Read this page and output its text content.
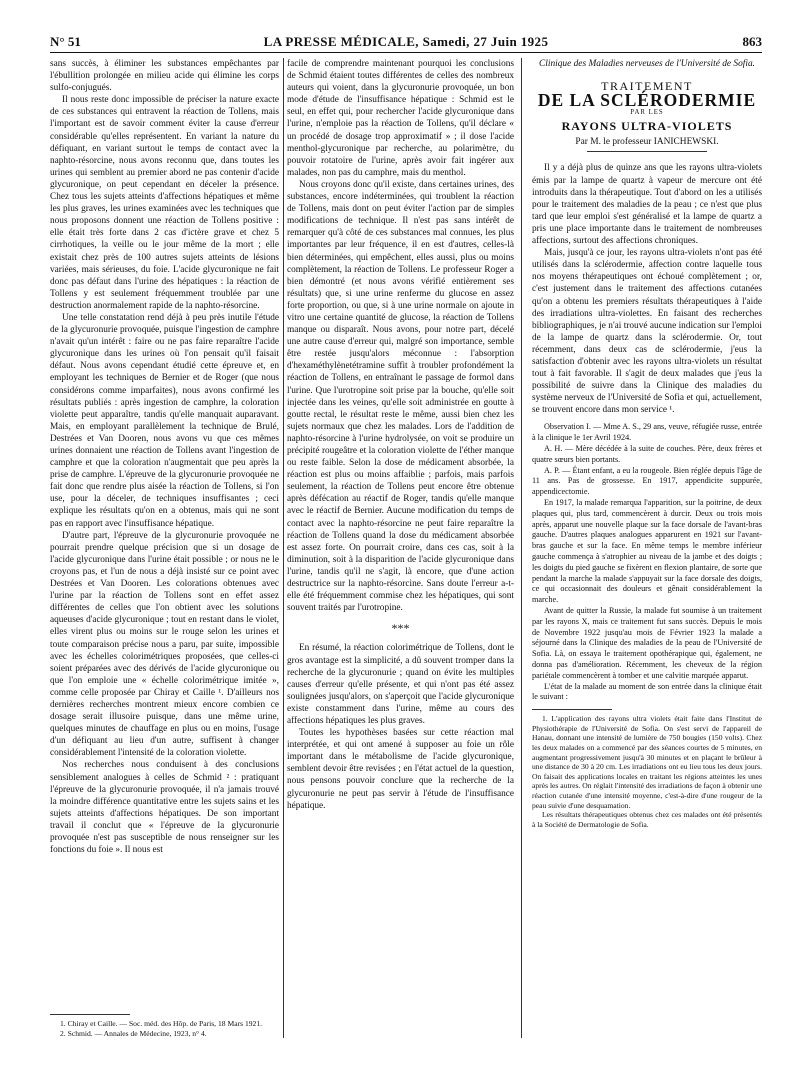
N° 51	LA PRESSE MÉDICALE, Samedi, 27 Juin 1925	863

sans succès, à éliminer les substances empêchantes par l'ébullition prolongée en milieu acide qui élimine les corps sulfo-conjugués.

Il nous reste donc impossible de préciser la nature exacte de ces substances qui entravent la réaction de Tollens, mais l'important est de savoir comment éviter la cause d'erreur considérable qu'elles représentent. En variant la nature du défiquant, en variant surtout le temps de contact avec la naphto-résorcine, nous avons reconnu que, dans toutes les urines qui semblent au premier abord ne pas contenir d'acide glycuronique, on peut cependant en déceler la présence. Chez tous les sujets atteints d'affections hépatiques et même les plus graves, les urines examinées avec les techniques que nous proposons donnent une réaction de Tollens positive : elle était très forte dans 2 cas d'ictère grave et chez 5 cirrhotiques, la veille ou le jour même de la mort ; elle existait chez près de 100 autres sujets atteints de lésions variées, mais sérieuses, du foie. L'acide glycuronique ne fait donc pas défaut dans l'urine des hépatiques : la réaction de Tollens y est seulement fréquemment troublée par une destruction anormalement rapide de la naphto-résorcine.

Une telle constatation rend déjà à peu près inutile l'étude de la glycuronurie provoquée, puisque l'ingestion de camphre n'avait qu'un intérêt : faire ou ne pas faire reparaître l'acide glycuronique dans les urines où l'on pensait qu'il faisait défaut. Nous avons cependant étudié cette épreuve et, en employant les techniques de Bernier et de Roger (que nous considérons comme imparfaites), nous avons confirmé les résultats publiés : après ingestion de camphre, la coloration violette peut apparaître, tandis qu'elle manquait auparavant. Mais, en employant parallèlement la technique de Brulé, Destrées et Van Dooren, nous avons vu que ces mêmes urines donnaient une réaction de Tollens avant l'ingestion de camphre et que la coloration n'augmentait que peu après la prise de camphre. L'épreuve de la glycuronurie provoquée ne fait donc que rendre plus aisée la réaction de Tollens, si l'on use, pour la déceler, de techniques insuffisantes ; ceci explique les résultats qu'on en a obtenus, mais qui ne sont pas en rapport avec l'insuffisance hépatique.

D'autre part, l'épreuve de la glycuronurie provoquée ne pourrait prendre quelque précision que si un dosage de l'acide glycuronique dans l'urine était possible ; or nous ne le croyons pas, et l'un de nous a déjà insisté sur ce point avec Destrées et Van Dooren. Les colorations obtenues avec l'urine par la réaction de Tollens sont en effet assez différentes de celles que l'on obtient avec les solutions aqueuses d'acide glycuronique ; tout en restant dans le violet, elles virent plus ou moins sur le rouge selon les urines et toute comparaison précise nous a paru, par suite, impossible avec les échelles colorimétriques proposées, que celles-ci soient préparées avec des dérivés de l'acide glycuronique ou que l'on emploie une « échelle colorimétrique imitée », comme celle proposée par Chiray et Caille ¹. D'ailleurs nos dernières recherches montrent mieux encore combien ce dosage serait illusoire puisque, dans une même urine, quelques minutes de chauffage en plus ou en moins, l'usage d'un défiquant au lieu d'un autre, suffisent à changer considérablement l'intensité de la coloration violette.

Nos recherches nous conduisent à des conclusions sensiblement analogues à celles de Schmid ² : pratiquant l'épreuve de la glycuronurie provoquée, il n'a jamais trouvé la moindre différence quantitative entre les sujets sains et les sujets atteints d'affections hépatiques. De son important travail il conclut que « l'épreuve de la glycuronurie provoquée n'est pas susceptible de nous renseigner sur les fonctions du foie ». Il nous est

1. Chiray et Caille. — Soc. méd. des Hôp. de Paris, 18 Mars 1921.

2. Schmid. — Annales de Médecine, 1923, n° 4.

facile de comprendre maintenant pourquoi les conclusions de Schmid étaient toutes différentes de celles des nombreux auteurs qui voient, dans la glycuronurie provoquée, un bon mode d'étude de l'insuffisance hépatique : Schmid est le seul, en effet qui, pour rechercher l'acide glycuronique dans l'urine, n'emploie pas la réaction de Tollens, qu'il déclare « un procédé de dosage trop approximatif » ; il dose l'acide menthol-glycuronique par recherche, au polarimètre, du pouvoir rotatoire de l'urine, après avoir fait ingérer aux malades, non pas du camphre, mais du menthol.

Nous croyons donc qu'il existe, dans certaines urines, des substances, encore indéterminées, qui troublent la réaction de Tollens, mais dont on peut éviter l'action par de simples modifications de technique. Il n'est pas sans intérêt de remarquer qu'à côté de ces substances mal connues, les plus importantes par leur fréquence, il en est d'autres, celles-là bien déterminées, qui empêchent, elles aussi, plus ou moins complètement, la réaction de Tollens. Le professeur Roger a bien démontré (et nous avons vérifié entièrement ses résultats) que, si une urine renferme du glucose en assez forte proportion, ou que, si à une urine normale on ajoute in vitro une certaine quantité de glucose, la réaction de Tollens manque ou disparaît. Nous avons, pour notre part, décelé une autre cause d'erreur qui, malgré son importance, semble être restée jusqu'alors méconnue : l'absorption d'hexaméthylènetétramine suffit à troubler profondément la réaction de Tollens, en entraînant le passage de formol dans l'urine. Que l'urotropine soit prise par la bouche, qu'elle soit injectée dans les veines, qu'elle soit administrée en goutte à goutte rectal, le résultat reste le même, aussi bien chez les sujets normaux que chez les malades. Lors de l'addition de naphto-résorcine à l'urine hydrolysée, on voit se produire un précipité rougeâtre et la coloration violette de l'éther manque ou reste faible. Selon la dose de médicament absorbée, la réaction est plus ou moins affaiblie ; parfois, mais parfois seulement, la réaction de Tollens peut encore être obtenue après défécation au réactif de Roger, tandis qu'elle manque avec le réactif de Bernier. Aucune modification du temps de contact avec la naphto-résorcine ne peut faire reparaître la réaction de Tollens quand la dose du médicament absorbée est assez forte. On pourrait croire, dans ces cas, soit à la diminution, soit à la disparition de l'acide glycuronique dans l'urine, tandis qu'il ne s'agit, là encore, que d'une action destructrice sur la naphto-résorcine. Sans doute l'erreur a-t-elle été fréquemment commise chez les hépatiques, qui sont souvent traités par l'urotropine.

***

En résumé, la réaction colorimétrique de Tollens, dont le gros avantage est la simplicité, a dû souvent tromper dans la recherche de la glycuronurie ; quand on évite les multiples causes d'erreur qu'elle présente, et qui n'ont pas été assez soulignées jusqu'alors, on s'aperçoit que l'acide glycuronique existe constamment dans l'urine, même au cours des affections hépatiques les plus graves.

Toutes les hypothèses basées sur cette réaction mal interprétée, et qui ont amené à supposer au foie un rôle important dans le métabolisme de l'acide glycuronique, semblent devoir être revisées ; en l'état actuel de la question, nous pensons pouvoir conclure que la recherche de la glycuronurie ne peut pas servir à l'étude de l'insuffisance hépatique.

Clinique des Maladies nerveuses de l'Université de Sofia.
TRAITEMENT
DE LA SCLÉRODERMIE
PAR LES
RAYONS ULTRA-VIOLETS
Par M. le professeur IANICHEWSKI.

Il y a déjà plus de quinze ans que les rayons ultra-violets émis par la lampe de quartz à vapeur de mercure ont été introduits dans la thérapeutique. Tout d'abord on les a utilisés pour le traitement des maladies de la peau ; ce n'est que plus tard que leur emploi s'est généralisé et la lampe de quartz a pris une place importante dans le traitement de nombreuses affections, surtout des affections chroniques.

Mais, jusqu'à ce jour, les rayons ultra-violets n'ont pas été utilisés dans la sclérodermie, affection contre laquelle tous nos moyens thérapeutiques ont échoué complètement ; or, c'est justement dans le traitement des affections cutanées qu'on a obtenu les premiers résultats thérapeutiques à l'aide des irradiations ultra-violettes. En faisant des recherches bibliographiques, je n'ai trouvé aucune indication sur l'emploi de la lampe de quartz dans la sclérodermie. Or, tout récemment, dans deux cas de sclérodermie, j'eus la satisfaction d'obtenir avec les rayons ultra-violets un résultat tout à fait favorable. Il s'agit de deux malades que j'eus la possibilité de suivre dans la Clinique des maladies du système nerveux de l'Université de Sofia et qui, actuellement, se trouvent encore dans mon service ¹.

Observation I. — Mme A. S., 29 ans, veuve, réfugiée russe, entrée à la clinique le 1er Avril 1924.

A. H. — Mère décédée à la suite de couches. Père, deux frères et quatre sœurs bien portants.

A. P. — Étant enfant, a eu la rougeole. Bien réglée depuis l'âge de 11 ans. Pas de grossesse. En 1917, appendicite suppurée, appendicectomie.

En 1917, la malade remarqua l'apparition, sur la poitrine, de deux plaques qui, plus tard, commencèrent à durcir. Deux ou trois mois après, apparut une nouvelle plaque sur la face dorsale de l'avant-bras gauche. D'autres plaques analogues apparurent en 1921 sur l'avant-bras gauche et sur la face. En même temps le membre inférieur gauche commença à s'atrophier au niveau de la jambe et des doigts ; les doigts du pied gauche se fixèrent en flexion plantaire, de sorte que pendant la marche la malade s'appuyait sur la face dorsale des doigts, ce qui occasionnait des douleurs et gênait considérablement la marche.

Avant de quitter la Russie, la malade fut soumise à un traitement par les rayons X, mais ce traitement fut sans succès. Depuis le mois de Novembre 1922 jusqu'au mois de Février 1923 la malade a séjourné dans la Clinique des maladies de la peau de l'Université de Sofia. Là, on essaya le traitement opothérapique qui, également, ne donna pas d'amélioration. Récemment, les cheveux de la région pariétale commencèrent à tomber et une calvitie marquée apparut.

L'état de la malade au moment de son entrée dans la clinique était le suivant :

1. L'application des rayons ultra violets était faite dans l'Institut de Physiothérapie de l'Université de Sofia. On s'est servi de l'appareil de Hanau, donnant une intensité de lumière de 750 bougies (150 volts). Chez les deux malades on a commencé par des séances courtes de 5 minutes, en augmentant progressivement jusqu'à 30 minutes et en plaçant le brûleur à une distance de 30 à 20 cm. Les irradiations ont eu lieu tous les deux jours. On faisait des applications locales en traitant les régions atteintes les unes après les autres. On réglait l'intensité des irradiations de façon à obtenir une réaction cutanée d'une intensité moyenne, c'est-à-dire d'une rougeur de la peau suivie d'une desquamation.

Les résultats thérapeutiques obtenus chez ces malades ont été présentés à la Société de Dermatologie de Sofia.
